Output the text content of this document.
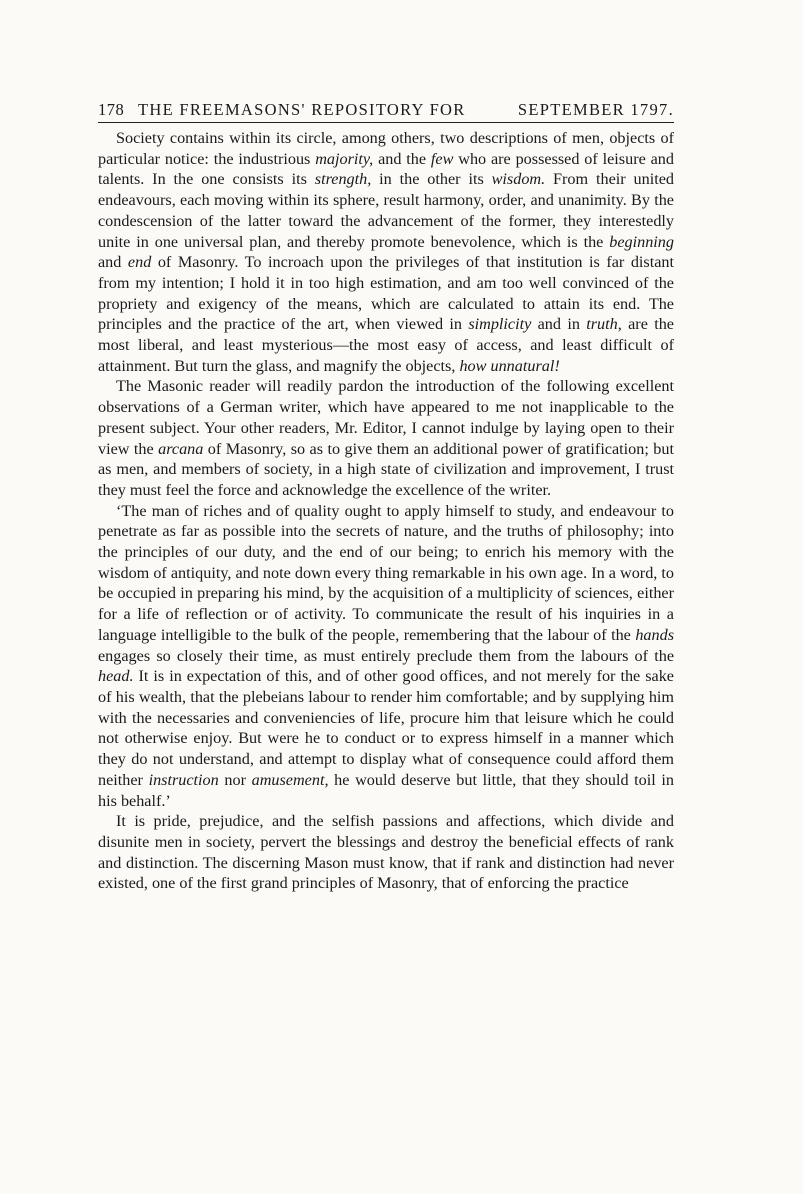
178 THE FREEMASONS' REPOSITORY FOR	SEPTEMBER 1797.

Society contains within its circle, among others, two descriptions of men, objects of particular notice: the industrious majority, and the few who are possessed of leisure and talents. In the one consists its strength, in the other its wisdom. From their united endeavours, each moving within its sphere, result harmony, order, and unanimity. By the condescension of the latter toward the advancement of the former, they interestedly unite in one universal plan, and thereby promote benevolence, which is the beginning and end of Masonry. To incroach upon the privileges of that institution is far distant from my intention; I hold it in too high estimation, and am too well convinced of the propriety and exigency of the means, which are calculated to attain its end. The principles and the practice of the art, when viewed in simplicity and in truth, are the most liberal, and least mysterious—the most easy of access, and least difficult of attainment. But turn the glass, and magnify the objects, how unnatural!

The Masonic reader will readily pardon the introduction of the following excellent observations of a German writer, which have appeared to me not inapplicable to the present subject. Your other readers, Mr. Editor, I cannot indulge by laying open to their view the arcana of Masonry, so as to give them an additional power of gratification; but as men, and members of society, in a high state of civilization and improvement, I trust they must feel the force and acknowledge the excellence of the writer.

‘The man of riches and of quality ought to apply himself to study, and endeavour to penetrate as far as possible into the secrets of nature, and the truths of philosophy; into the principles of our duty, and the end of our being; to enrich his memory with the wisdom of antiquity, and note down every thing remarkable in his own age. In a word, to be occupied in preparing his mind, by the acquisition of a multiplicity of sciences, either for a life of reflection or of activity. To communicate the result of his inquiries in a language intelligible to the bulk of the people, remembering that the labour of the hands engages so closely their time, as must entirely preclude them from the labours of the head. It is in expectation of this, and of other good offices, and not merely for the sake of his wealth, that the plebeians labour to render him comfortable; and by supplying him with the necessaries and conveniencies of life, procure him that leisure which he could not otherwise enjoy. But were he to conduct or to express himself in a manner which they do not understand, and attempt to display what of consequence could afford them neither instruction nor amusement, he would deserve but little, that they should toil in his behalf.’

It is pride, prejudice, and the selfish passions and affections, which divide and disunite men in society, pervert the blessings and destroy the beneficial effects of rank and distinction. The discerning Mason must know, that if rank and distinction had never existed, one of the first grand principles of Masonry, that of enforcing the practice
